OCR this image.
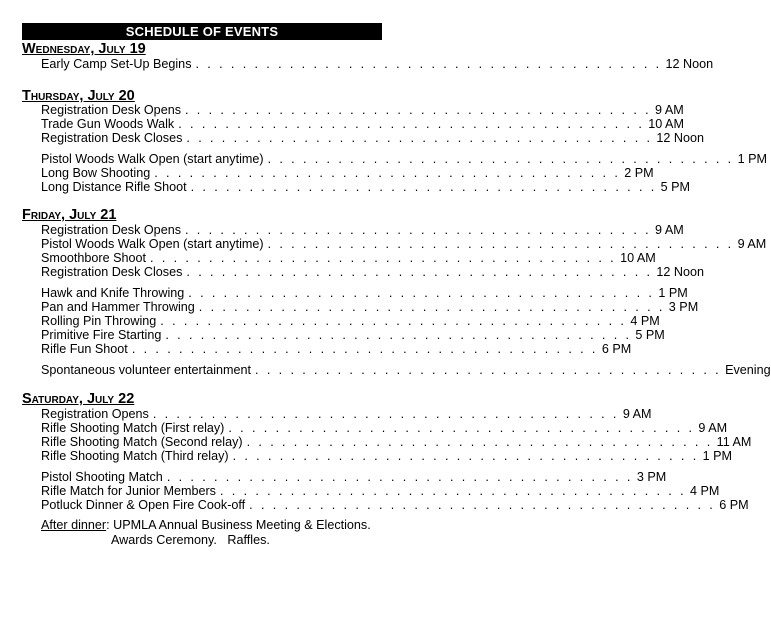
SCHEDULE OF EVENTS
Wednesday, July 19
Early Camp Set-Up Begins . . . . . . . . . . . . . . . . . . . . . . . . . . . . . . . . . . . . . . . . 12 Noon
Thursday, July 20
Registration Desk Opens . . . . . . . . . . . . . . . . . . . . . . . . . . . . . . . . . . . . . . . . 9 AM
Trade Gun Woods Walk . . . . . . . . . . . . . . . . . . . . . . . . . . . . . . . . . . . . . . . . 10 AM
Registration Desk Closes . . . . . . . . . . . . . . . . . . . . . . . . . . . . . . . . . . . . . . . . 12 Noon
Pistol Woods Walk Open (start anytime) . . . . . . . . . . . . . . . . . . . . . . . . . . . . . . . . . . . . . . . . 1 PM
Long Bow Shooting . . . . . . . . . . . . . . . . . . . . . . . . . . . . . . . . . . . . . . . . 2 PM
Long Distance Rifle Shoot . . . . . . . . . . . . . . . . . . . . . . . . . . . . . . . . . . . . . . . . 5 PM
Friday, July 21
Registration Desk Opens . . . . . . . . . . . . . . . . . . . . . . . . . . . . . . . . . . . . . . . . 9 AM
Pistol Woods Walk Open (start anytime) . . . . . . . . . . . . . . . . . . . . . . . . . . . . . . . . . . . . . . . . 9 AM
Smoothbore Shoot . . . . . . . . . . . . . . . . . . . . . . . . . . . . . . . . . . . . . . . . 10 AM
Registration Desk Closes . . . . . . . . . . . . . . . . . . . . . . . . . . . . . . . . . . . . . . . . 12 Noon
Hawk and Knife Throwing . . . . . . . . . . . . . . . . . . . . . . . . . . . . . . . . . . . . . . . . 1 PM
Pan and Hammer Throwing . . . . . . . . . . . . . . . . . . . . . . . . . . . . . . . . . . . . . . . . 3 PM
Rolling Pin Throwing . . . . . . . . . . . . . . . . . . . . . . . . . . . . . . . . . . . . . . . . 4 PM
Primitive Fire Starting . . . . . . . . . . . . . . . . . . . . . . . . . . . . . . . . . . . . . . . . 5 PM
Rifle Fun Shoot . . . . . . . . . . . . . . . . . . . . . . . . . . . . . . . . . . . . . . . . 6 PM
Spontaneous volunteer entertainment . . . . . . . . . . . . . . . . . . . . . . . . . . . . . . . . . . . . . . . . Evening
Saturday, July 22
Registration Opens . . . . . . . . . . . . . . . . . . . . . . . . . . . . . . . . . . . . . . . . 9 AM
Rifle Shooting Match (First relay) . . . . . . . . . . . . . . . . . . . . . . . . . . . . . . . . . . . . . . . . 9 AM
Rifle Shooting Match (Second relay) . . . . . . . . . . . . . . . . . . . . . . . . . . . . . . . . . . . . . . . . 11 AM
Rifle Shooting Match (Third relay) . . . . . . . . . . . . . . . . . . . . . . . . . . . . . . . . . . . . . . . . 1 PM
Pistol Shooting Match . . . . . . . . . . . . . . . . . . . . . . . . . . . . . . . . . . . . . . . . 3 PM
Rifle Match for Junior Members . . . . . . . . . . . . . . . . . . . . . . . . . . . . . . . . . . . . . . . . 4 PM
Potluck Dinner & Open Fire Cook-off . . . . . . . . . . . . . . . . . . . . . . . . . . . . . . . . . . . . . . . . 6 PM
After dinner: UPMLA Annual Business Meeting & Elections.
Awards Ceremony.   Raffles.
